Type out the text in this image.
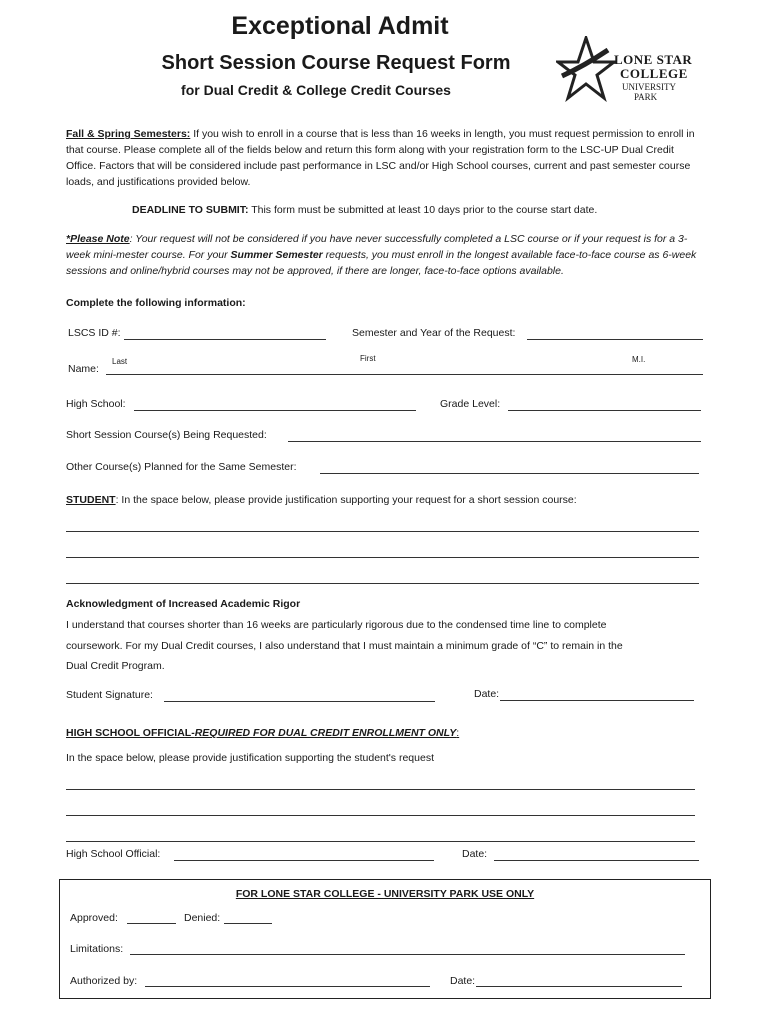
Exceptional Admit
Short Session Course Request Form
for Dual Credit & College Credit Courses
LONE STAR
COLLEGE
UNIVERSITY
PARK
Fall & Spring Semesters: If you wish to enroll in a course that is less than 16 weeks in length, you must request permission to enroll in that course. Please complete all of the fields below and return this form along with your registration form to the LSC-UP Dual Credit Office. Factors that will be considered include past performance in LSC and/or High School courses, current and past semester course loads, and justifications provided below.
DEADLINE TO SUBMIT: This form must be submitted at least 10 days prior to the course start date.
*Please Note: Your request will not be considered if you have never successfully completed a LSC course or if your request is for a 3-week mini-mester course. For your Summer Semester requests, you must enroll in the longest available face-to-face course as 6-week sessions and online/hybrid courses may not be approved, if there are longer, face-to-face options available.
Complete the following information:
LSCS ID #:	Semester and Year of the Request:
Last	First	M.I.
Name:
High School:	Grade Level:
Short Session Course(s) Being Requested:
Other Course(s) Planned for the Same Semester:
STUDENT: In the space below, please provide justification supporting your request for a short session course:
Acknowledgment of Increased Academic Rigor
I understand that courses shorter than 16 weeks are particularly rigorous due to the condensed time line to complete
coursework. For my Dual Credit courses, I also understand that I must maintain a minimum grade of “C” to remain in the
Dual Credit Program.
Student Signature:	Date:
HIGH SCHOOL OFFICIAL-REQUIRED FOR DUAL CREDIT ENROLLMENT ONLY:
In the space below, please provide justification supporting the student's request
High School Official:	Date:
FOR LONE STAR COLLEGE - UNIVERSITY PARK USE ONLY
Approved:	Denied:
Limitations:
Authorized by:	Date:
